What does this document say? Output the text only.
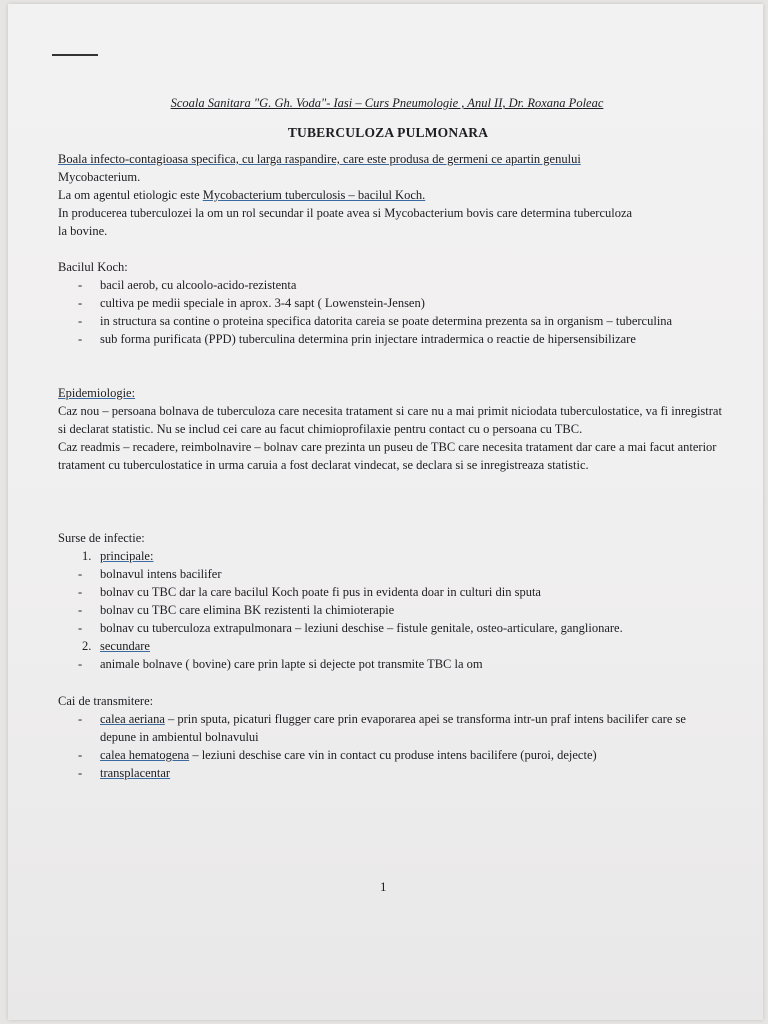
Scoala Sanitara "G. Gh. Voda"- Iasi – Curs Pneumologie , Anul II, Dr. Roxana Poleac
TUBERCULOZA PULMONARA

Boala infecto-contagioasa specifica, cu larga raspandire, care este produsa de germeni ce apartin genului

Mycobacterium.

La om agentul etiologic este Mycobacterium tuberculosis – bacilul Koch.

In producerea tuberculozei la om un rol secundar il poate avea si Mycobacterium bovis care determina tuberculoza

la bovine.

Bacilul Koch:

- bacil aerob, cu alcoolo-acido-rezistenta
- cultiva pe medii speciale in aprox. 3-4 sapt ( Lowenstein-Jensen)
- in structura sa contine o proteina specifica datorita careia se poate determina prezenta sa in organism – tuberculina
- sub forma purificata (PPD) tuberculina determina prin injectare intradermica o reactie de hipersensibilizare

Epidemiologie:

Caz nou – persoana bolnava de tuberculoza care necesita tratament si care nu a mai primit niciodata tuberculostatice, va fi inregistrat si declarat statistic. Nu se includ cei care au facut chimioprofilaxie pentru contact cu o persoana cu TBC.

Caz readmis – recadere, reimbolnavire – bolnav care prezinta un puseu de TBC care necesita tratament dar care a mai facut anterior tratament cu tuberculostatice in urma caruia a fost declarat vindecat, se declara si se inregistreaza statistic.

Surse de infectie:

1. principale:
- bolnavul intens bacilifer
- bolnav cu TBC dar la care bacilul Koch poate fi pus in evidenta doar in culturi din sputa
- bolnav cu TBC care elimina BK rezistenti la chimioterapie
- bolnav cu tuberculoza extrapulmonara – leziuni deschise – fistule genitale, osteo-articulare, ganglionare.
2. secundare
- animale bolnave ( bovine) care prin lapte si dejecte pot transmite TBC la om

Cai de transmitere:

- calea aeriana – prin sputa, picaturi flugger care prin evaporarea apei se transforma intr-un praf intens bacilifer care se depune in ambientul bolnavului
- calea hematogena – leziuni deschise care vin in contact cu produse intens bacilifere (puroi, dejecte)
- transplacentar
1
